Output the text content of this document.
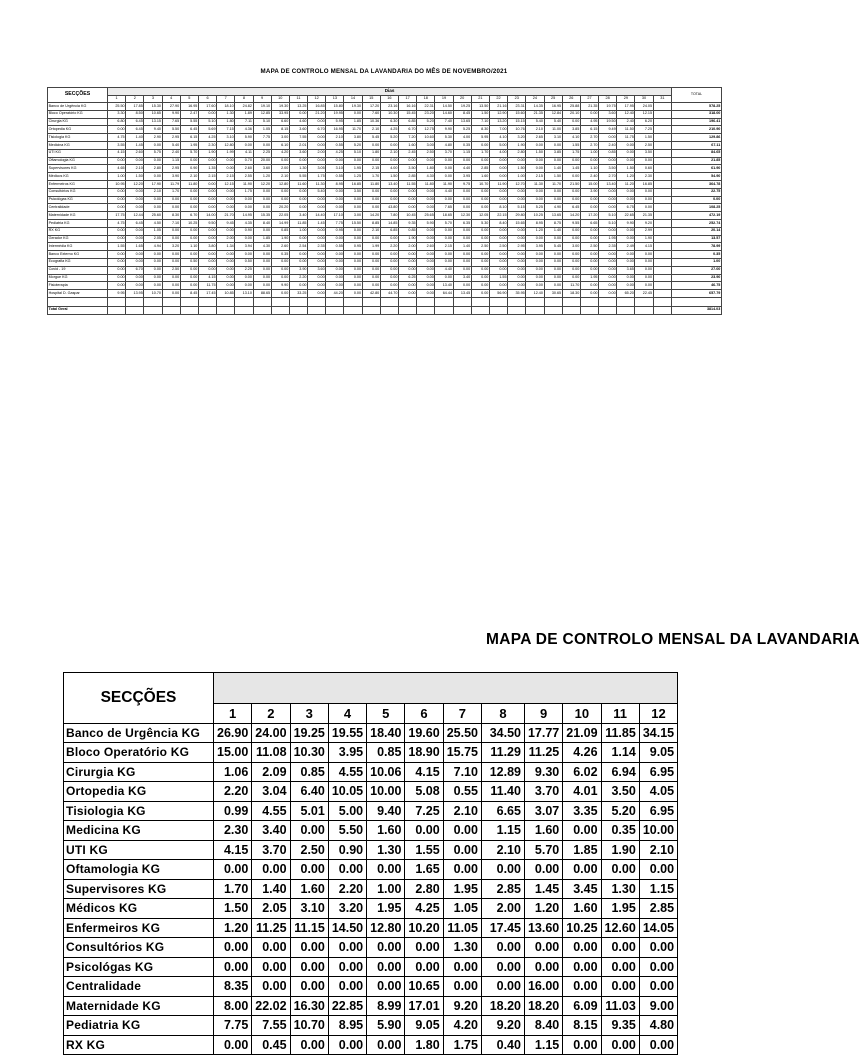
MAPA DE CONTROLO MENSAL DA LAVANDARIA DO MÊS DE NOVEMBRO/2021
SECÇÕES	Dias																															TOTAL
	1	2	3	4	5	6	7	8	9	10	11	12	13	14	15	16	17	18	19	20	21	22	23	24	25	26	27	28	29	30	31	
Banco de Urgência KG	25.50	17.85	15.30	27.90	16.95	17.60	18.10	24.82	19.10	19.30	13.25	16.85	15.80	19.30	17.20	23.16	16.16	22.31	14.50	19.25	13.50	21.16	23.31	14.35	16.95	25.88	21.35	19.75	17.95	24.05		578.25
Bloco Operatório KG	3.30	8.50	10.65	9.90	2.47	0.00	1.30	1.89	12.85	33.95	0.00	21.20	19.95	0.00	7.60	10.30	15.45	23.20	14.60	8.45	1.50	12.90	15.60	21.35	12.84	20.10	0.00	3.60	12.40	12.15		318.00
Cirurgia KG	6.80	6.45	13.15	7.65	5.55	5.10	1.80	7.11	5.10	6.60	4.60	0.00	5.95	1.85	10.36	6.30	6.85	5.20	7.40	13.65	7.10	13.20	15.15	5.40	5.40	0.00	4.95	19.50	2.40	6.20		196.41
Ortopedia KG	0.00	6.45	9.40	5.50	6.45	5.69	7.15	4.36	1.05	8.15	3.60	6.70	16.95	11.70	2.10	4.25	6.70	12.75	9.90	5.25	8.30	7.00	10.76	2.10	11.00	3.85	6.15	9.49	11.50	7.25		210.90
Tisiologia KG	4.75	1.40	2.90	2.95	6.15	4.25	3.10	5.90	7.75	3.00	7.55	0.00	2.10	3.80	5.45	5.20	7.20	10.60	5.30	4.00	5.95	4.10	3.20	2.65	3.10	4.10	2.70	0.00	11.75	1.50		129.86
Medicina KG	3.55	1.45	0.00	5.40	1.95	2.30	12.80	0.00	0.00	6.10	2.01	0.00	0.55	5.20	0.00	0.00	1.60	3.00	4.80	0.35	0.00	5.00	1.90	0.00	0.00	1.55	2.70	2.40	0.00	2.50		67.11
UTI KG	4.15	2.60	5.75	2.40	5.70	1.90	1.99	4.11	2.25	4.20	3.60	2.00	4.25	5.10	1.80	2.10	2.45	2.50	3.70	1.15	1.70	4.00	2.80	1.50	3.85	1.75	1.00	0.85	0.00	3.50		84.65
Oftamologia KG	0.00	0.00	0.00	1.15	0.00	0.00	0.00	0.70	20.00	0.00	0.00	0.00	0.00	0.00	0.00	0.00	0.00	0.00	0.00	0.00	0.00	0.00	0.00	0.00	0.00	0.00	0.00	0.00	0.00	0.00		21.85
Supervisores KG	4.65	2.10	2.80	2.95	0.90	1.35	0.00	2.60	3.60	2.00	1.30	3.05	3.10	1.95	2.15	4.00	3.50	1.80	0.00	4.40	2.85	0.00	1.50	0.00	1.40	1.45	1.10	3.50	1.50	0.60		61.90
Médicos KG	1.00	1.50	0.00	3.90	2.10	2.15	2.15	2.55	1.20	2.10	5.55	1.75	0.55	1.25	1.70	1.50	2.85	4.30	0.00	3.95	1.60	0.00	1.00	2.15	1.50	0.00	2.40	2.70	1.20	2.30		54.90
Enfermeiros KG	10.95	12.20	17.90	11.79	11.80	0.00	12.15	11.90	12.20	12.80	11.60	11.30	8.95	16.85	11.80	13.40	11.55	11.80	11.90	9.75	10.70	11.90	12.70	11.30	11.70	21.50	15.00	13.40	11.20	16.85		364.78
Consultórios KG	0.00	0.00	2.10	1.70	0.00	0.00	0.00	1.75	0.00	0.00	0.00	5.40	0.00	3.50	0.00	0.00	0.00	0.00	4.40	0.00	0.00	0.00	0.00	0.00	0.00	0.00	3.90	0.00	0.00	0.00		22.75
Psicológas KG	0.00	0.00	0.00	0.00	0.00	0.00	0.00	0.00	0.00	0.00	0.00	0.00	0.00	0.00	0.00	0.00	0.00	0.00	0.00	0.00	0.00	0.00	0.00	0.00	0.00	0.00	0.00	0.00	0.00	0.00		0.00
Centralidade	0.00	0.00	0.00	0.00	0.00	0.00	0.00	0.00	0.00	20.20	0.00	0.00	0.00	0.00	0.00	43.80	0.00	0.00	7.65	0.00	0.00	8.10	5.15	5.25	4.90	6.45	0.00	0.00	6.75	0.00		108.25
Maternidade KG	17.75	12.44	25.60	8.30	6.70	14.00	21.70	14.95	15.35	22.05	3.40	14.40	17.10	3.00	14.20	7.80	10.45	25.65	18.65	12.30	12.05	22.15	29.80	10.25	13.65	14.20	17.20	5.10	22.65	21.35		472.19
Pediatria KG	4.75	6.45	4.50	7.10	10.25	9.50	9.45	4.35	8.40	14.99	11.85	1.45	7.75	15.50	8.85	14.85	9.35	5.90	5.70	6.35	5.30	8.40	15.65	8.95	8.75	9.55	6.65	5.10	9.90	9.20		252.74
RX KG	0.00	0.00	1.05	0.00	0.00	0.00	0.00	0.90	0.00	0.85	1.00	0.00	0.95	0.00	2.10	6.85	0.85	0.00	0.00	0.00	0.00	0.00	0.00	1.20	1.40	0.00	0.00	0.00	0.00	2.99		20.14
Gerador KG	0.00	0.00	2.05	0.00	0.00	0.00	2.00	0.00	1.85	1.90	0.00	0.00	0.00	0.00	0.00	0.00	1.90	0.00	0.00	0.00	0.00	0.00	0.00	0.00	0.00	0.00	0.00	1.95	0.00	1.90		13.57
Intermédia KG	1.55	1.65	4.94	3.20	1.10	3.80	1.34	3.94	4.30	2.60	2.54	2.35	0.55	0.95	1.99	2.20	2.00	2.60	2.15	1.40	2.50	2.50	2.95	3.95	5.45	3.00	2.50	2.35	2.49	4.15		78.99
Banco Externo KG	0.00	0.00	0.00	0.00	0.00	0.00	0.00	0.00	0.00	0.35	0.00	0.00	0.00	0.00	0.00	0.00	0.00	0.00	0.00	0.00	0.00	0.00	0.00	0.00	0.00	0.00	0.00	0.00	0.00	0.00		0.35
Ecografia KG	0.00	0.00	0.00	0.00	0.50	0.00	0.00	0.50	0.00	0.00	0.00	0.00	0.00	0.00	0.00	0.00	0.00	0.00	0.00	0.00	0.00	0.00	0.00	0.00	0.00	0.00	0.00	0.00	0.00	0.00		1.00
Covid - 19	0.00	6.70	0.00	2.50	0.00	0.00	0.00	2.25	0.00	0.00	3.90	3.60	0.00	0.00	0.00	0.00	0.00	0.00	4.40	0.00	0.00	0.00	0.00	0.00	0.00	0.00	0.00	0.00	3.65	0.00		27.00
Morgue KG	0.00	0.00	0.00	0.00	0.00	4.15	0.00	0.00	0.00	0.00	2.20	0.00	0.00	0.00	0.00	0.00	6.25	0.00	0.00	3.40	0.00	1.55	0.00	0.00	0.00	0.00	1.95	0.00	0.00	0.00		23.90
Fisioterapia	0.00	0.00	0.00	0.00	0.00	11.75	0.00	0.00	0.00	9.90	0.00	0.00	0.00	0.00	0.00	0.00	0.00	0.00	13.40	0.00	0.00	0.00	0.00	0.00	0.00	11.70	0.00	0.00	0.00	0.00		46.75
Hospital D. Gaspar	9.95	13.95	10.70	0.00	8.45	17.45	10.85	13.10	88.65	0.00	33.25	0.00	44.20	0.00	42.80	44.70	0.00	0.00	64.44	13.45	0.00	56.90	35.95	12.40	30.65	18.30	0.00	0.00	65.20	22.45		657.79

Total Geral																																3814.03
MAPA DE CONTROLO MENSAL DA LAVANDARIA
SECÇÕES												
	1	2	3	4	5	6	7	8	9	10	11	12
Banco de Urgência KG	26.90	24.00	19.25	19.55	18.40	19.60	25.50	34.50	17.77	21.09	11.85	34.15
Bloco Operatório KG	15.00	11.08	10.30	3.95	0.85	18.90	15.75	11.29	11.25	4.26	1.14	9.05
Cirurgia KG	1.06	2.09	0.85	4.55	10.06	4.15	7.10	12.89	9.30	6.02	6.94	6.95
Ortopedia KG	2.20	3.04	6.40	10.05	10.00	5.08	0.55	11.40	3.70	4.01	3.50	4.05
Tisiologia KG	0.99	4.55	5.01	5.00	9.40	7.25	2.10	6.65	3.07	3.35	5.20	6.95
Medicina KG	2.30	3.40	0.00	5.50	1.60	0.00	0.00	1.15	1.60	0.00	0.35	10.00
UTI KG	4.15	3.70	2.50	0.90	1.30	1.55	0.00	2.10	5.70	1.85	1.90	2.10
Oftamologia KG	0.00	0.00	0.00	0.00	0.00	1.65	0.00	0.00	0.00	0.00	0.00	0.00
Supervisores KG	1.70	1.40	1.60	2.20	1.00	2.80	1.95	2.85	1.45	3.45	1.30	1.15
Médicos KG	1.50	2.05	3.10	3.20	1.95	4.25	1.05	2.00	1.20	1.60	1.95	2.85
Enfermeiros KG	1.20	11.25	11.15	14.50	12.80	10.20	11.05	17.45	13.60	10.25	12.60	14.05
Consultórios KG	0.00	0.00	0.00	0.00	0.00	0.00	1.30	0.00	0.00	0.00	0.00	0.00
Psicológas KG	0.00	0.00	0.00	0.00	0.00	0.00	0.00	0.00	0.00	0.00	0.00	0.00
Centralidade	8.35	0.00	0.00	0.00	0.00	10.65	0.00	0.00	16.00	0.00	0.00	0.00
Maternidade KG	8.00	22.02	16.30	22.85	8.99	17.01	9.20	18.20	18.20	6.09	11.03	9.00
Pediatria KG	7.75	7.55	10.70	8.95	5.90	9.05	4.20	9.20	8.40	8.15	9.35	4.80
RX KG	0.00	0.45	0.00	0.00	0.00	1.80	1.75	0.40	1.15	0.00	0.00	0.00
